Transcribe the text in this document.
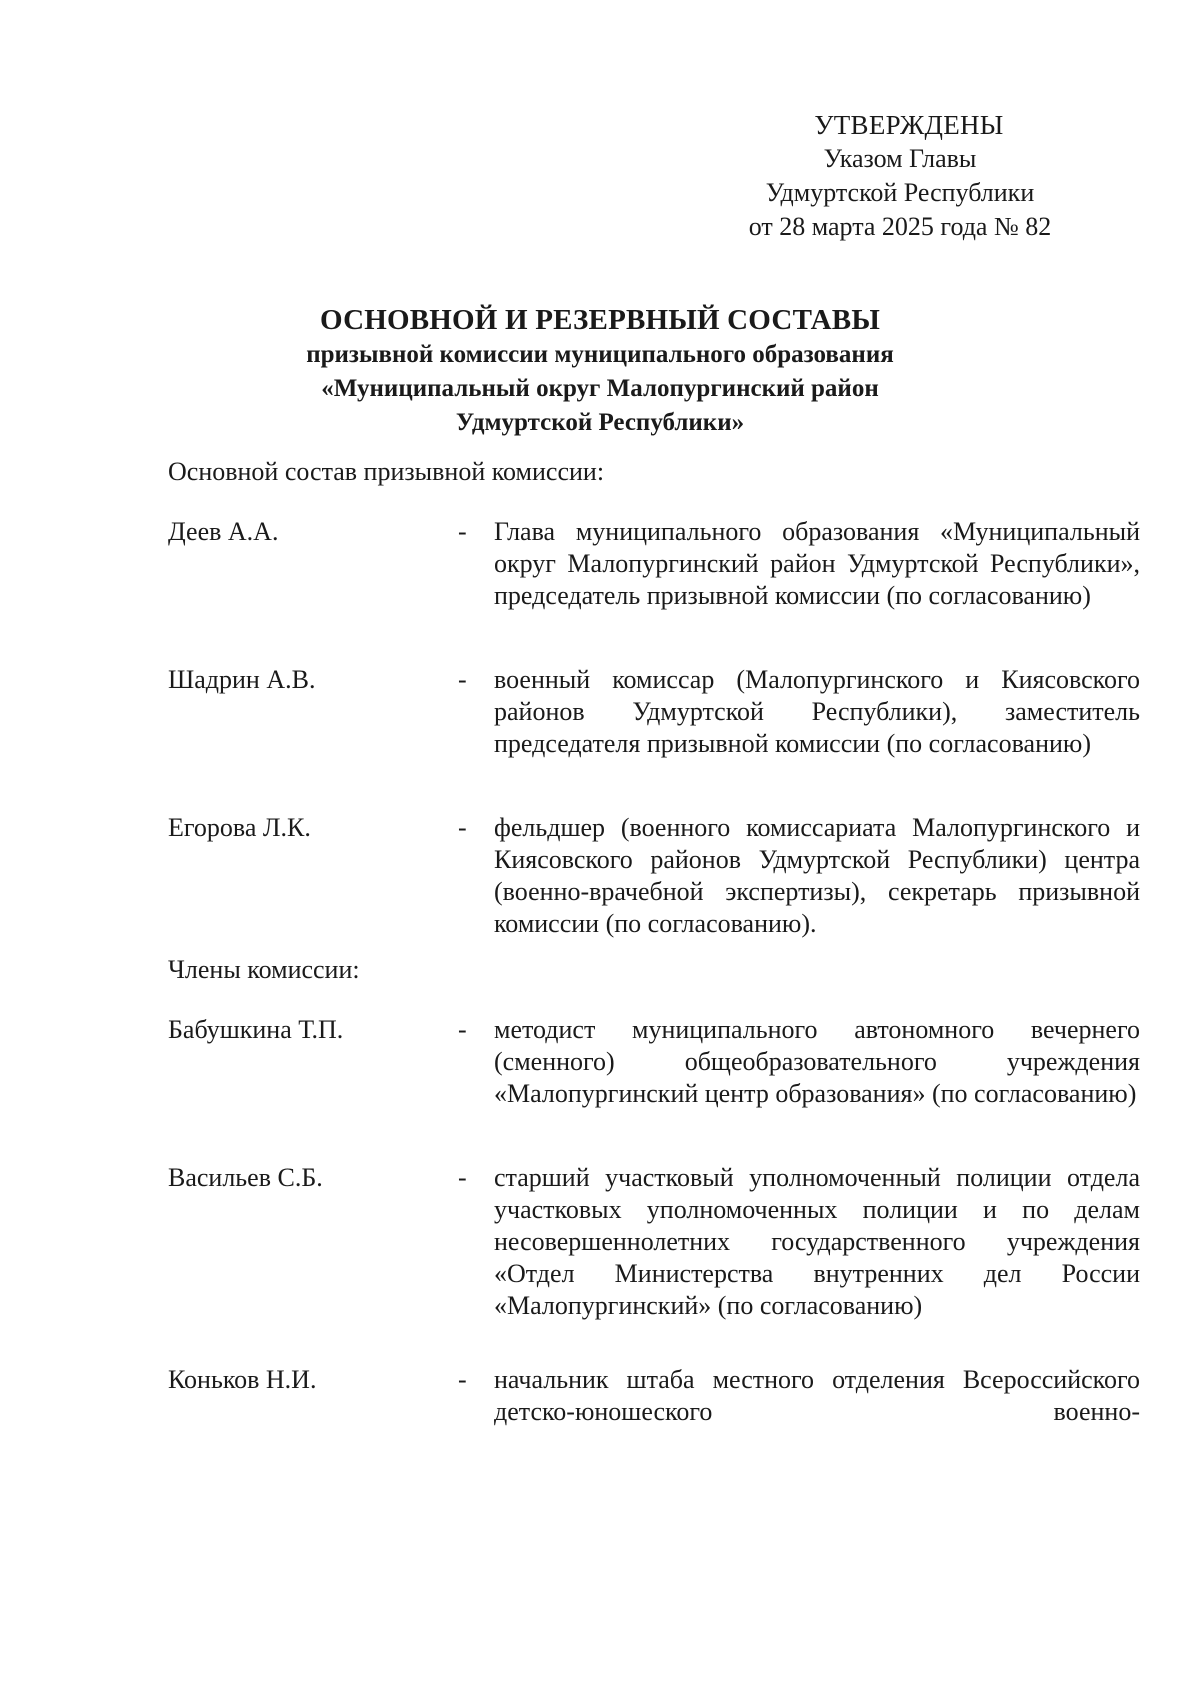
УТВЕРЖДЕНЫ
Указом Главы
Удмуртской Республики
от 28 марта 2025 года № 82
ОСНОВНОЙ И РЕЗЕРВНЫЙ СОСТАВЫ
призывной комиссии муниципального образования
«Муниципальный округ Малопургинский район
Удмуртской Республики»
Основной состав призывной комиссии:
Деев А.А.	- Глава муниципального образования «Муниципальный округ Малопургинский район Удмуртской Республики», председатель призывной комиссии (по согласованию)
Шадрин А.В.	- военный комиссар (Малопургинского и Киясовского районов Удмуртской Республики), заместитель председателя призывной комиссии (по согласованию)
Егорова Л.К.	- фельдшер (военного комиссариата Малопургинского и Киясовского районов Удмуртской Республики) центра (военно-врачебной экспертизы), секретарь призывной комиссии (по согласованию).
Члены комиссии:
Бабушкина Т.П.	- методист муниципального автономного вечернего (сменного) общеобразовательного учреждения «Малопургинский центр образования» (по согласованию)
Васильев С.Б.	- старший участковый уполномоченный полиции отдела участковых уполномоченных полиции и по делам несовершеннолетних государственного учреждения «Отдел Министерства внутренних дел России «Малопургинский» (по согласованию)
Коньков Н.И.	- начальник штаба местного отделения Всероссийского детско-юношеского военно-
